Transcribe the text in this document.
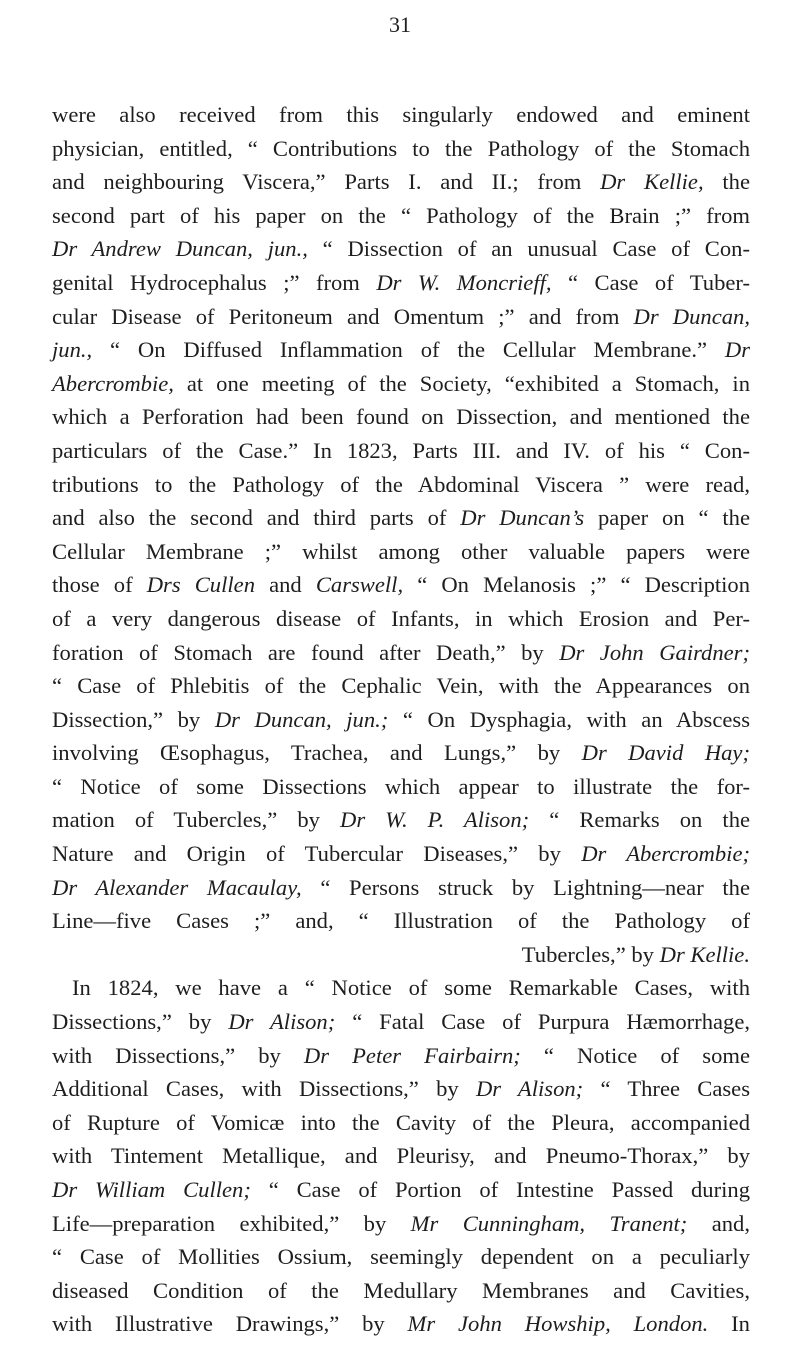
31
were also received from this singularly endowed and eminent
physician, entitled, “ Contributions to the Pathology of the Stomach
and neighbouring Viscera,” Parts I. and II.; from Dr Kellie, the
second part of his paper on the “ Pathology of the Brain ;” from
Dr Andrew Duncan, jun., “ Dissection of an unusual Case of Con-
genital Hydrocephalus ;” from Dr W. Moncrieff, “ Case of Tuber-
cular Disease of Peritoneum and Omentum ;” and from Dr Duncan,
jun., “ On Diffused Inflammation of the Cellular Membrane.” Dr
Abercrombie, at one meeting of the Society, “exhibited a Stomach, in
which a Perforation had been found on Dissection, and mentioned the
particulars of the Case.” In 1823, Parts III. and IV. of his “ Con-
tributions to the Pathology of the Abdominal Viscera ” were read,
and also the second and third parts of Dr Duncan’s paper on “ the
Cellular Membrane ;” whilst among other valuable papers were
those of Drs Cullen and Carswell, “ On Melanosis ;” “ Description
of a very dangerous disease of Infants, in which Erosion and Per-
foration of Stomach are found after Death,” by Dr John Gairdner;
“ Case of Phlebitis of the Cephalic Vein, with the Appearances on
Dissection,” by Dr Duncan, jun.; “ On Dysphagia, with an Abscess
involving Œsophagus, Trachea, and Lungs,” by Dr David Hay;
“ Notice of some Dissections which appear to illustrate the for-
mation of Tubercles,” by Dr W. P. Alison; “ Remarks on the
Nature and Origin of Tubercular Diseases,” by Dr Abercrombie;
Dr Alexander Macaulay, “ Persons struck by Lightning—near the
Line—five Cases ;” and, “ Illustration of the Pathology of
Tubercles,” by Dr Kellie.
In 1824, we have a “ Notice of some Remarkable Cases, with
Dissections,” by Dr Alison; “ Fatal Case of Purpura Hæmorrhage,
with Dissections,” by Dr Peter Fairbairn; “ Notice of some
Additional Cases, with Dissections,” by Dr Alison; “ Three Cases
of Rupture of Vomicæ into the Cavity of the Pleura, accompanied
with Tintement Metallique, and Pleurisy, and Pneumo-Thorax,” by
Dr William Cullen; “ Case of Portion of Intestine Passed during
Life—preparation exhibited,” by Mr Cunningham, Tranent; and,
“ Case of Mollities Ossium, seemingly dependent on a peculiarly
diseased Condition of the Medullary Membranes and Cavities,
with Illustrative Drawings,” by Mr John Howship, London. In
